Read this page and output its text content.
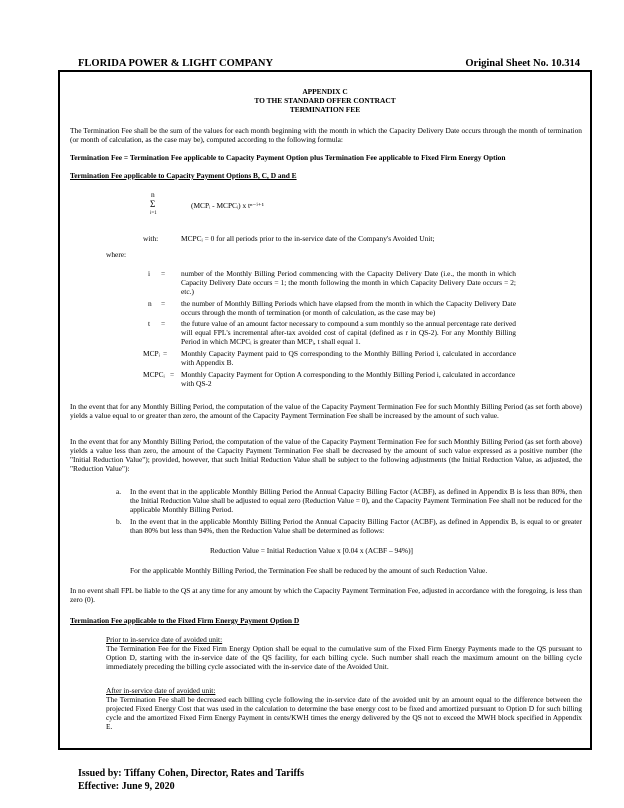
FLORIDA POWER & LIGHT COMPANY	Original Sheet No. 10.314
APPENDIX C
TO THE STANDARD OFFER CONTRACT
TERMINATION FEE
The Termination Fee shall be the sum of the values for each month beginning with the month in which the Capacity Delivery Date occurs through the month of termination (or month of calculation, as the case may be), computed according to the following formula:
Termination Fee = Termination Fee applicable to Capacity Payment Option plus Termination Fee applicable to Fixed Firm Energy Option
Termination Fee applicable to Capacity Payment Options B, C, D and E
n
Σ
i=1
(MCPᵢ - MCPCᵢ) x tⁿ⁻ⁱ⁺¹
with:	MCPCᵢ = 0 for all periods prior to the in-service date of the Company's Avoided Unit;
where:
i = number of the Monthly Billing Period commencing with the Capacity Delivery Date (i.e., the month in which Capacity Delivery Date occurs = 1; the month following the month in which Capacity Delivery Date occurs = 2; etc.)
n = the number of Monthly Billing Periods which have elapsed from the month in which the Capacity Delivery Date occurs through the month of termination (or month of calculation, as the case may be)
t = the future value of an amount factor necessary to compound a sum monthly so the annual percentage rate derived will equal FPL's incremental after-tax avoided cost of capital (defined as r in QS-2). For any Monthly Billing Period in which MCPCᵢ is greater than MCPᵢ, t shall equal 1.
MCPᵢ = Monthly Capacity Payment paid to QS corresponding to the Monthly Billing Period i, calculated in accordance with Appendix B.
MCPCᵢ = Monthly Capacity Payment for Option A corresponding to the Monthly Billing Period i, calculated in accordance with QS-2
In the event that for any Monthly Billing Period, the computation of the value of the Capacity Payment Termination Fee for such Monthly Billing Period (as set forth above) yields a value equal to or greater than zero, the amount of the Capacity Payment Termination Fee shall be increased by the amount of such value.
In the event that for any Monthly Billing Period, the computation of the value of the Capacity Payment Termination Fee for such Monthly Billing Period (as set forth above) yields a value less than zero, the amount of the Capacity Payment Termination Fee shall be decreased by the amount of such value expressed as a positive number (the "Initial Reduction Value"); provided, however, that such Initial Reduction Value shall be subject to the following adjustments (the Initial Reduction Value, as adjusted, the "Reduction Value"):
a. In the event that in the applicable Monthly Billing Period the Annual Capacity Billing Factor (ACBF), as defined in Appendix B is less than 80%, then the Initial Reduction Value shall be adjusted to equal zero (Reduction Value = 0), and the Capacity Payment Termination Fee shall not be reduced for the applicable Monthly Billing Period.
b. In the event that in the applicable Monthly Billing Period the Annual Capacity Billing Factor (ACBF), as defined in Appendix B, is equal to or greater than 80% but less than 94%, then the Reduction Value shall be determined as follows:
Reduction Value = Initial Reduction Value x [0.04 x (ACBF – 94%)]
For the applicable Monthly Billing Period, the Termination Fee shall be reduced by the amount of such Reduction Value.
In no event shall FPL be liable to the QS at any time for any amount by which the Capacity Payment Termination Fee, adjusted in accordance with the foregoing, is less than zero (0).
Termination Fee applicable to the Fixed Firm Energy Payment Option D
Prior to in-service date of avoided unit:
The Termination Fee for the Fixed Firm Energy Option shall be equal to the cumulative sum of the Fixed Firm Energy Payments made to the QS pursuant to Option D, starting with the in-service date of the QS facility, for each billing cycle. Such number shall reach the maximum amount on the billing cycle immediately preceding the billing cycle associated with the in-service date of the Avoided Unit.
After in-service date of avoided unit:
The Termination Fee shall be decreased each billing cycle following the in-service date of the avoided unit by an amount equal to the difference between the projected Fixed Energy Cost that was used in the calculation to determine the base energy cost to be fixed and amortized pursuant to Option D for such billing cycle and the amortized Fixed Firm Energy Payment in cents/KWH times the energy delivered by the QS not to exceed the MWH block specified in Appendix E.
Issued by: Tiffany Cohen, Director, Rates and Tariffs
Effective: June 9, 2020
